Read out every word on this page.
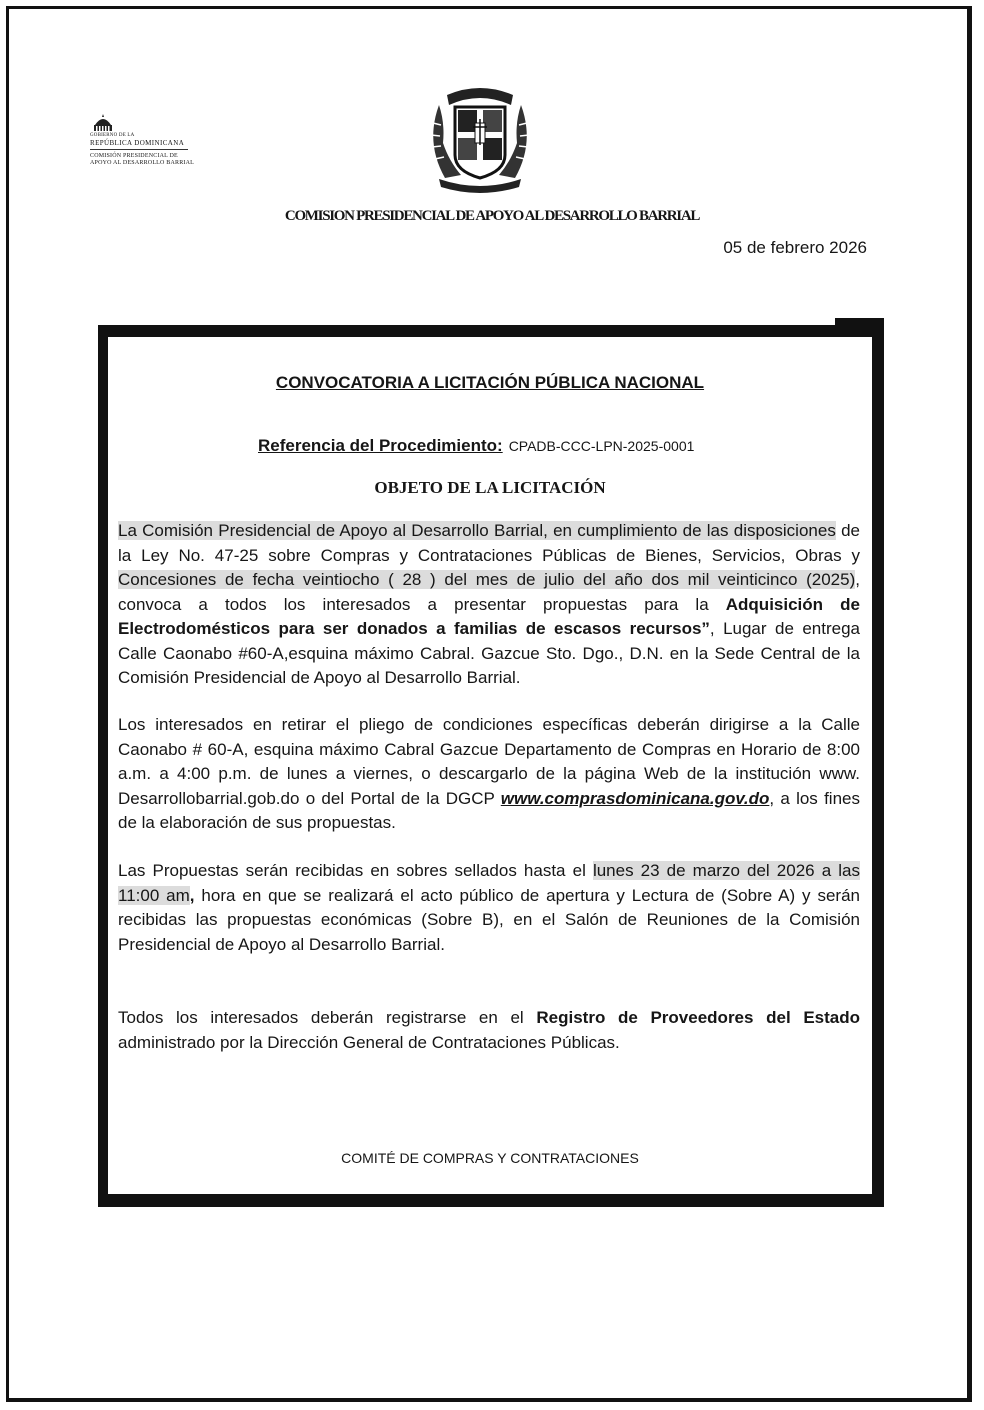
GOBIERNO DE LA
REPÚBLICA DOMINICANA
COMISIÓN PRESIDENCIAL DE
APOYO AL DESARROLLO BARRIAL
COMISION PRESIDENCIAL DE APOYO AL DESARROLLO BARRIAL
05 de febrero 2026
CONVOCATORIA A LICITACIÓN PÚBLICA NACIONAL
Referencia del Procedimiento: CPADB-CCC-LPN-2025-0001
OBJETO DE LA LICITACIÓN
La Comisión Presidencial de Apoyo al Desarrollo Barrial, en cumplimiento de las disposiciones de la Ley No. 47-25 sobre Compras y Contrataciones Públicas de Bienes, Servicios, Obras y Concesiones de fecha veintiocho ( 28 ) del mes de julio del año dos mil veinticinco (2025), convoca a todos los interesados a presentar propuestas para la Adquisición de Electrodomésticos para ser donados a familias de escasos recursos”, Lugar de entrega Calle Caonabo #60-A,esquina máximo Cabral. Gazcue Sto. Dgo., D.N. en la Sede Central de la Comisión Presidencial de Apoyo al Desarrollo Barrial.
Los interesados en retirar el pliego de condiciones específicas deberán dirigirse a la Calle Caonabo # 60-A, esquina máximo Cabral Gazcue Departamento de Compras en Horario de 8:00 a.m. a 4:00 p.m. de lunes a viernes, o descargarlo de la página Web de la institución www. Desarrollobarrial.gob.do o del Portal de la DGCP www.comprasdominicana.gov.do, a los fines de la elaboración de sus propuestas.
Las Propuestas serán recibidas en sobres sellados hasta el lunes 23 de marzo del 2026 a las 11:00 am, hora en que se realizará el acto público de apertura y Lectura de (Sobre A) y serán recibidas las propuestas económicas (Sobre B), en el Salón de Reuniones de la Comisión Presidencial de Apoyo al Desarrollo Barrial.
Todos los interesados deberán registrarse en el Registro de Proveedores del Estado administrado por la Dirección General de Contrataciones Públicas.
COMITÉ DE COMPRAS Y CONTRATACIONES
